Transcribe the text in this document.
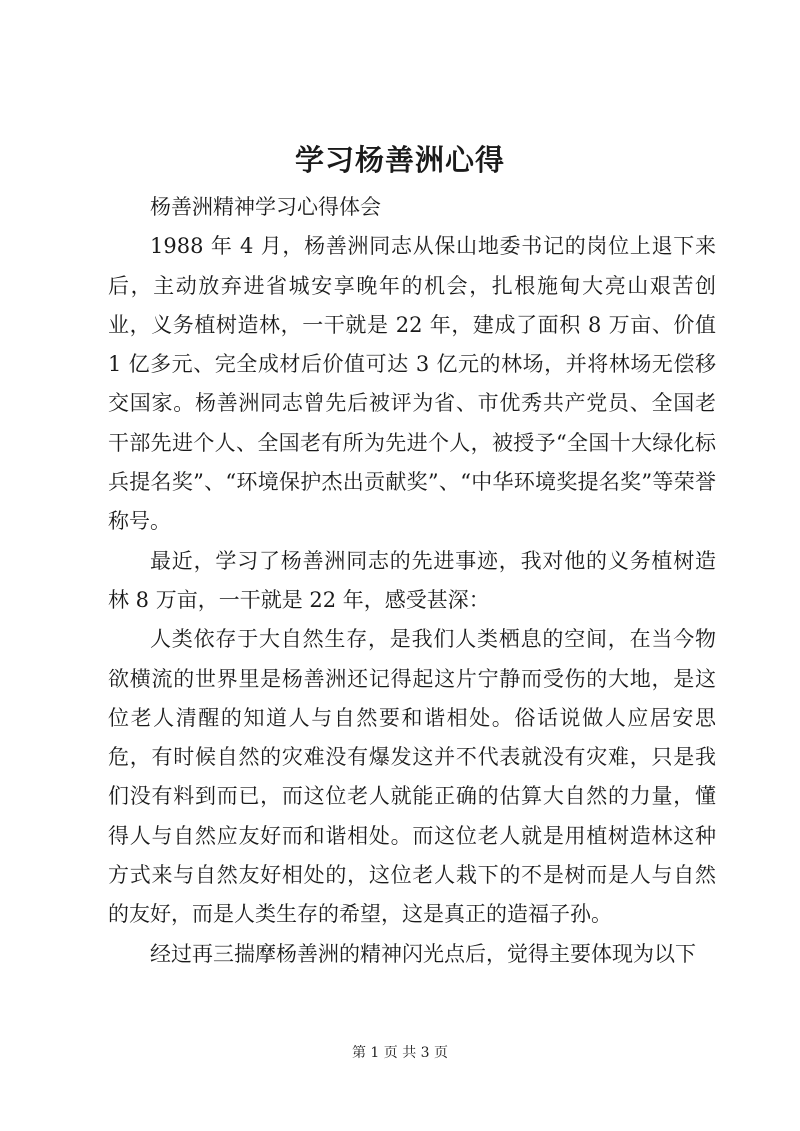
学习杨善洲心得

杨善洲精神学习心得体会

1988 年 4 月，杨善洲同志从保山地委书记的岗位上退下来后，主动放弃进省城安享晚年的机会，扎根施甸大亮山艰苦创业，义务植树造林，一干就是 22 年，建成了面积 8 万亩、价值 1 亿多元、完全成材后价值可达 3 亿元的林场，并将林场无偿移交国家。杨善洲同志曾先后被评为省、市优秀共产党员、全国老干部先进个人、全国老有所为先进个人，被授予“全国十大绿化标兵提名奖”、“环境保护杰出贡献奖”、“中华环境奖提名奖”等荣誉称号。

最近，学习了杨善洲同志的先进事迹，我对他的义务植树造林 8 万亩，一干就是 22 年，感受甚深：

人类依存于大自然生存，是我们人类栖息的空间，在当今物欲横流的世界里是杨善洲还记得起这片宁静而受伤的大地，是这位老人清醒的知道人与自然要和谐相处。俗话说做人应居安思危，有时候自然的灾难没有爆发这并不代表就没有灾难，只是我们没有料到而已，而这位老人就能正确的估算大自然的力量，懂得人与自然应友好而和谐相处。而这位老人就是用植树造林这种方式来与自然友好相处的，这位老人栽下的不是树而是人与自然的友好，而是人类生存的希望，这是真正的造福子孙。

经过再三揣摩杨善洲的精神闪光点后，觉得主要体现为以下

第 1 页 共 3 页
